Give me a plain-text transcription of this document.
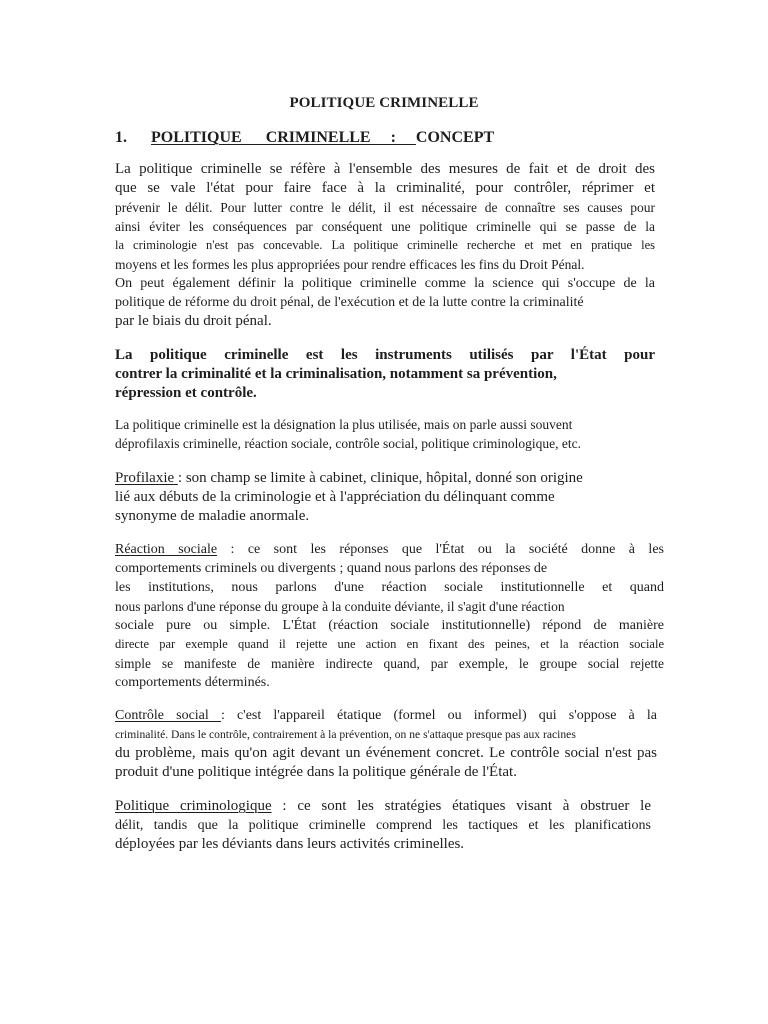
POLITIQUE CRIMINELLE
1. POLITIQUE      CRIMINELLE     :     CONCEPT
La politique criminelle se réfère à l'ensemble des mesures de fait et de droit des
que se vale l'état pour faire face à la criminalité, pour contrôler, réprimer et
prévenir le délit. Pour lutter contre le délit, il est nécessaire de connaître ses causes pour
ainsi éviter les conséquences par conséquent une politique criminelle qui se passe de la
la criminologie n'est pas concevable. La politique criminelle recherche et met en pratique les
moyens et les formes les plus appropriées pour rendre efficaces les fins du Droit Pénal.
On peut également définir la politique criminelle comme la science qui s'occupe de la
politique de réforme du droit pénal, de l'exécution et de la lutte contre la criminalité
par le biais du droit pénal.
La politique criminelle est les instruments utilisés par l'État pour
contrer la criminalité et la criminalisation, notamment sa prévention,
répression et contrôle.
La politique criminelle est la désignation la plus utilisée, mais on parle aussi souvent
déprofilaxis criminelle, réaction sociale, contrôle social, politique criminologique, etc.
Profilaxie : son champ se limite à cabinet, clinique, hôpital, donné son origine
lié aux débuts de la criminologie et à l'appréciation du délinquant comme
synonyme de maladie anormale.
Réaction sociale : ce sont les réponses que l'État ou la société donne à les
comportements criminels ou divergents ; quand nous parlons des réponses de
les institutions, nous parlons d'une réaction sociale institutionnelle et quand
nous parlons d'une réponse du groupe à la conduite déviante, il s'agit d'une réaction
sociale pure ou simple. L'État (réaction sociale institutionnelle) répond de manière
directe par exemple quand il rejette une action en fixant des peines, et la réaction sociale
simple se manifeste de manière indirecte quand, par exemple, le groupe social rejette
comportements déterminés.
Contrôle social : c'est l'appareil étatique (formel ou informel) qui s'oppose à la
criminalité. Dans le contrôle, contrairement à la prévention, on ne s'attaque presque pas aux racines
du problème, mais qu'on agit devant un événement concret. Le contrôle social n'est pas
produit d'une politique intégrée dans la politique générale de l'État.
Politique criminologique : ce sont les stratégies étatiques visant à obstruer le
délit, tandis que la politique criminelle comprend les tactiques et les planifications
déployées par les déviants dans leurs activités criminelles.
